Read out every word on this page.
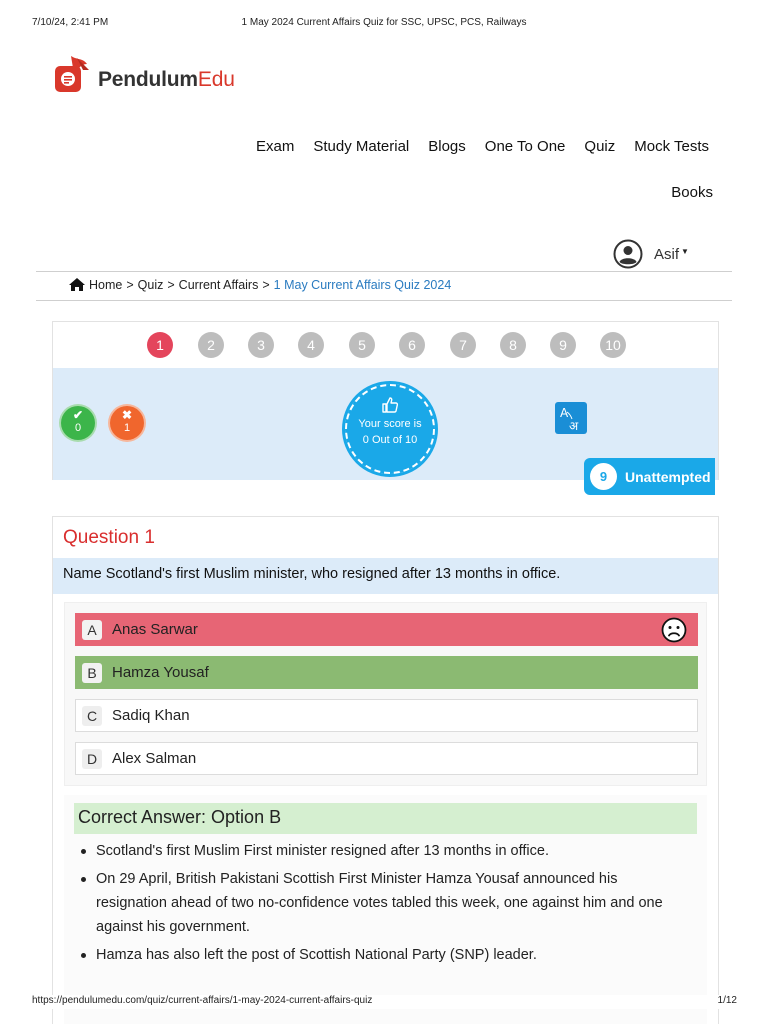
7/10/24, 2:41 PM	1 May 2024 Current Affairs Quiz for SSC, UPSC, PCS, Railways
PendulumEdu
Exam Study Material Blogs One To One Quiz Mock Tests
Books
Asif ▼
Home > Quiz > Current Affairs > 1 May Current Affairs Quiz 2024
1	2	3	4	5	6	7	8	9	10
✔
0
✖
1	Your score is
0 Out of 10
A
अ
9	Unattempted
Question 1
Name Scotland's first Muslim minister, who resigned after 13 months in office.
A	Anas Sarwar
B	Hamza Yousaf
C Sadiq Khan
D Alex Salman
Correct Answer: Option B
Scotland's first Muslim First minister resigned after 13 months in office.
On 29 April, British Pakistani Scottish First Minister Hamza Yousaf announced his resignation ahead of two no-confidence votes tabled this week, one against him and one against his government.
Hamza has also left the post of Scottish National Party (SNP) leader.
https://pendulumedu.com/quiz/current-affairs/1-may-2024-current-affairs-quiz	1/12
